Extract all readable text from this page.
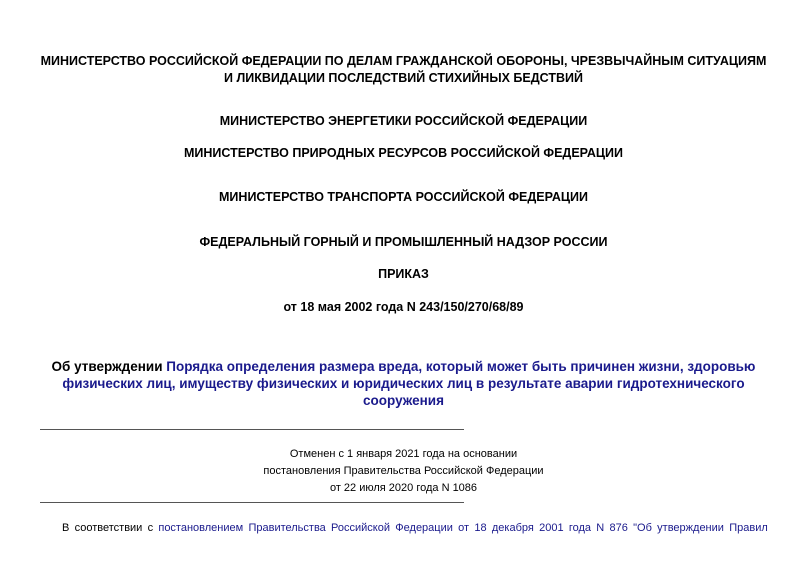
МИНИСТЕРСТВО РОССИЙСКОЙ ФЕДЕРАЦИИ ПО ДЕЛАМ ГРАЖДАНСКОЙ ОБОРОНЫ, ЧРЕЗВЫЧАЙНЫМ СИТУАЦИЯМ И ЛИКВИДАЦИИ ПОСЛЕДСТВИЙ СТИХИЙНЫХ БЕДСТВИЙ
МИНИСТЕРСТВО ЭНЕРГЕТИКИ РОССИЙСКОЙ ФЕДЕРАЦИИ
МИНИСТЕРСТВО ПРИРОДНЫХ РЕСУРСОВ РОССИЙСКОЙ ФЕДЕРАЦИИ
МИНИСТЕРСТВО ТРАНСПОРТА РОССИЙСКОЙ ФЕДЕРАЦИИ
ФЕДЕРАЛЬНЫЙ ГОРНЫЙ И ПРОМЫШЛЕННЫЙ НАДЗОР РОССИИ
ПРИКАЗ
от 18 мая 2002 года N 243/150/270/68/89
Об утверждении Порядка определения размера вреда, который может быть причинен жизни, здоровью физических лиц, имуществу физических и юридических лиц в результате аварии гидротехнического сооружения
Отменен с 1 января 2021 года на основании
постановления Правительства Российской Федерации
от 22 июля 2020 года N 1086
В соответствии с постановлением Правительства Российской Федерации от 18 декабря 2001 года N 876 "Об утверждении Правил
